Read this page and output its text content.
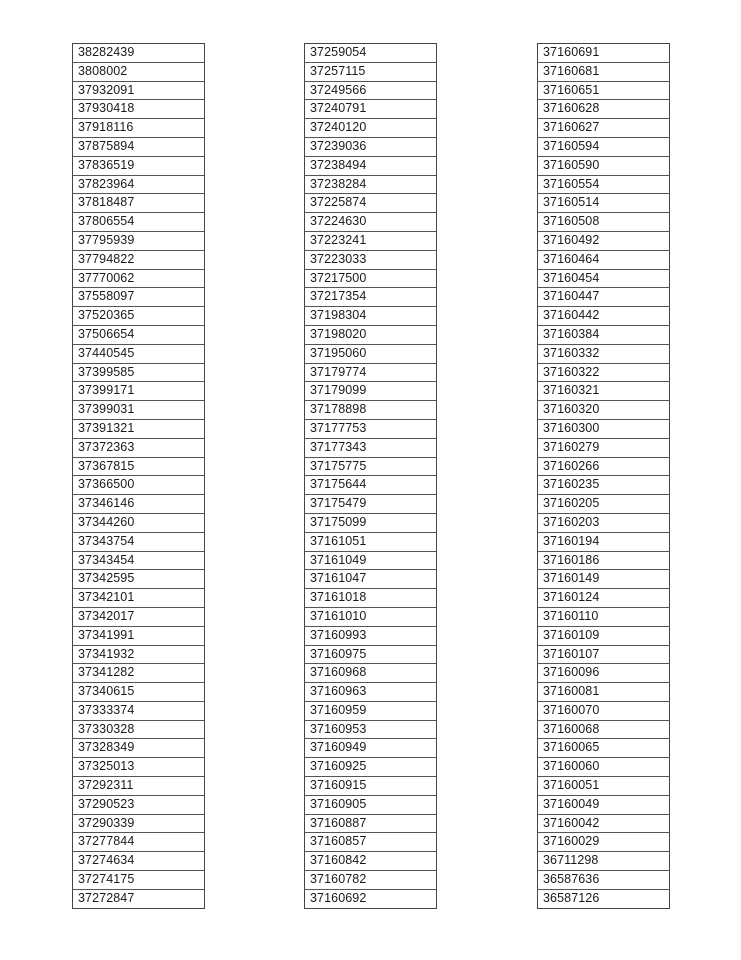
38282439
3808002
37932091
37930418
37918116
37875894
37836519
37823964
37818487
37806554
37795939
37794822
37770062
37558097
37520365
37506654
37440545
37399585
37399171
37399031
37391321
37372363
37367815
37366500
37346146
37344260
37343754
37343454
37342595
37342101
37342017
37341991
37341932
37341282
37340615
37333374
37330328
37328349
37325013
37292311
37290523
37290339
37277844
37274634
37274175
37272847
37259054
37257115
37249566
37240791
37240120
37239036
37238494
37238284
37225874
37224630
37223241
37223033
37217500
37217354
37198304
37198020
37195060
37179774
37179099
37178898
37177753
37177343
37175775
37175644
37175479
37175099
37161051
37161049
37161047
37161018
37161010
37160993
37160975
37160968
37160963
37160959
37160953
37160949
37160925
37160915
37160905
37160887
37160857
37160842
37160782
37160692
37160691
37160681
37160651
37160628
37160627
37160594
37160590
37160554
37160514
37160508
37160492
37160464
37160454
37160447
37160442
37160384
37160332
37160322
37160321
37160320
37160300
37160279
37160266
37160235
37160205
37160203
37160194
37160186
37160149
37160124
37160110
37160109
37160107
37160096
37160081
37160070
37160068
37160065
37160060
37160051
37160049
37160042
37160029
36711298
36587636
36587126
